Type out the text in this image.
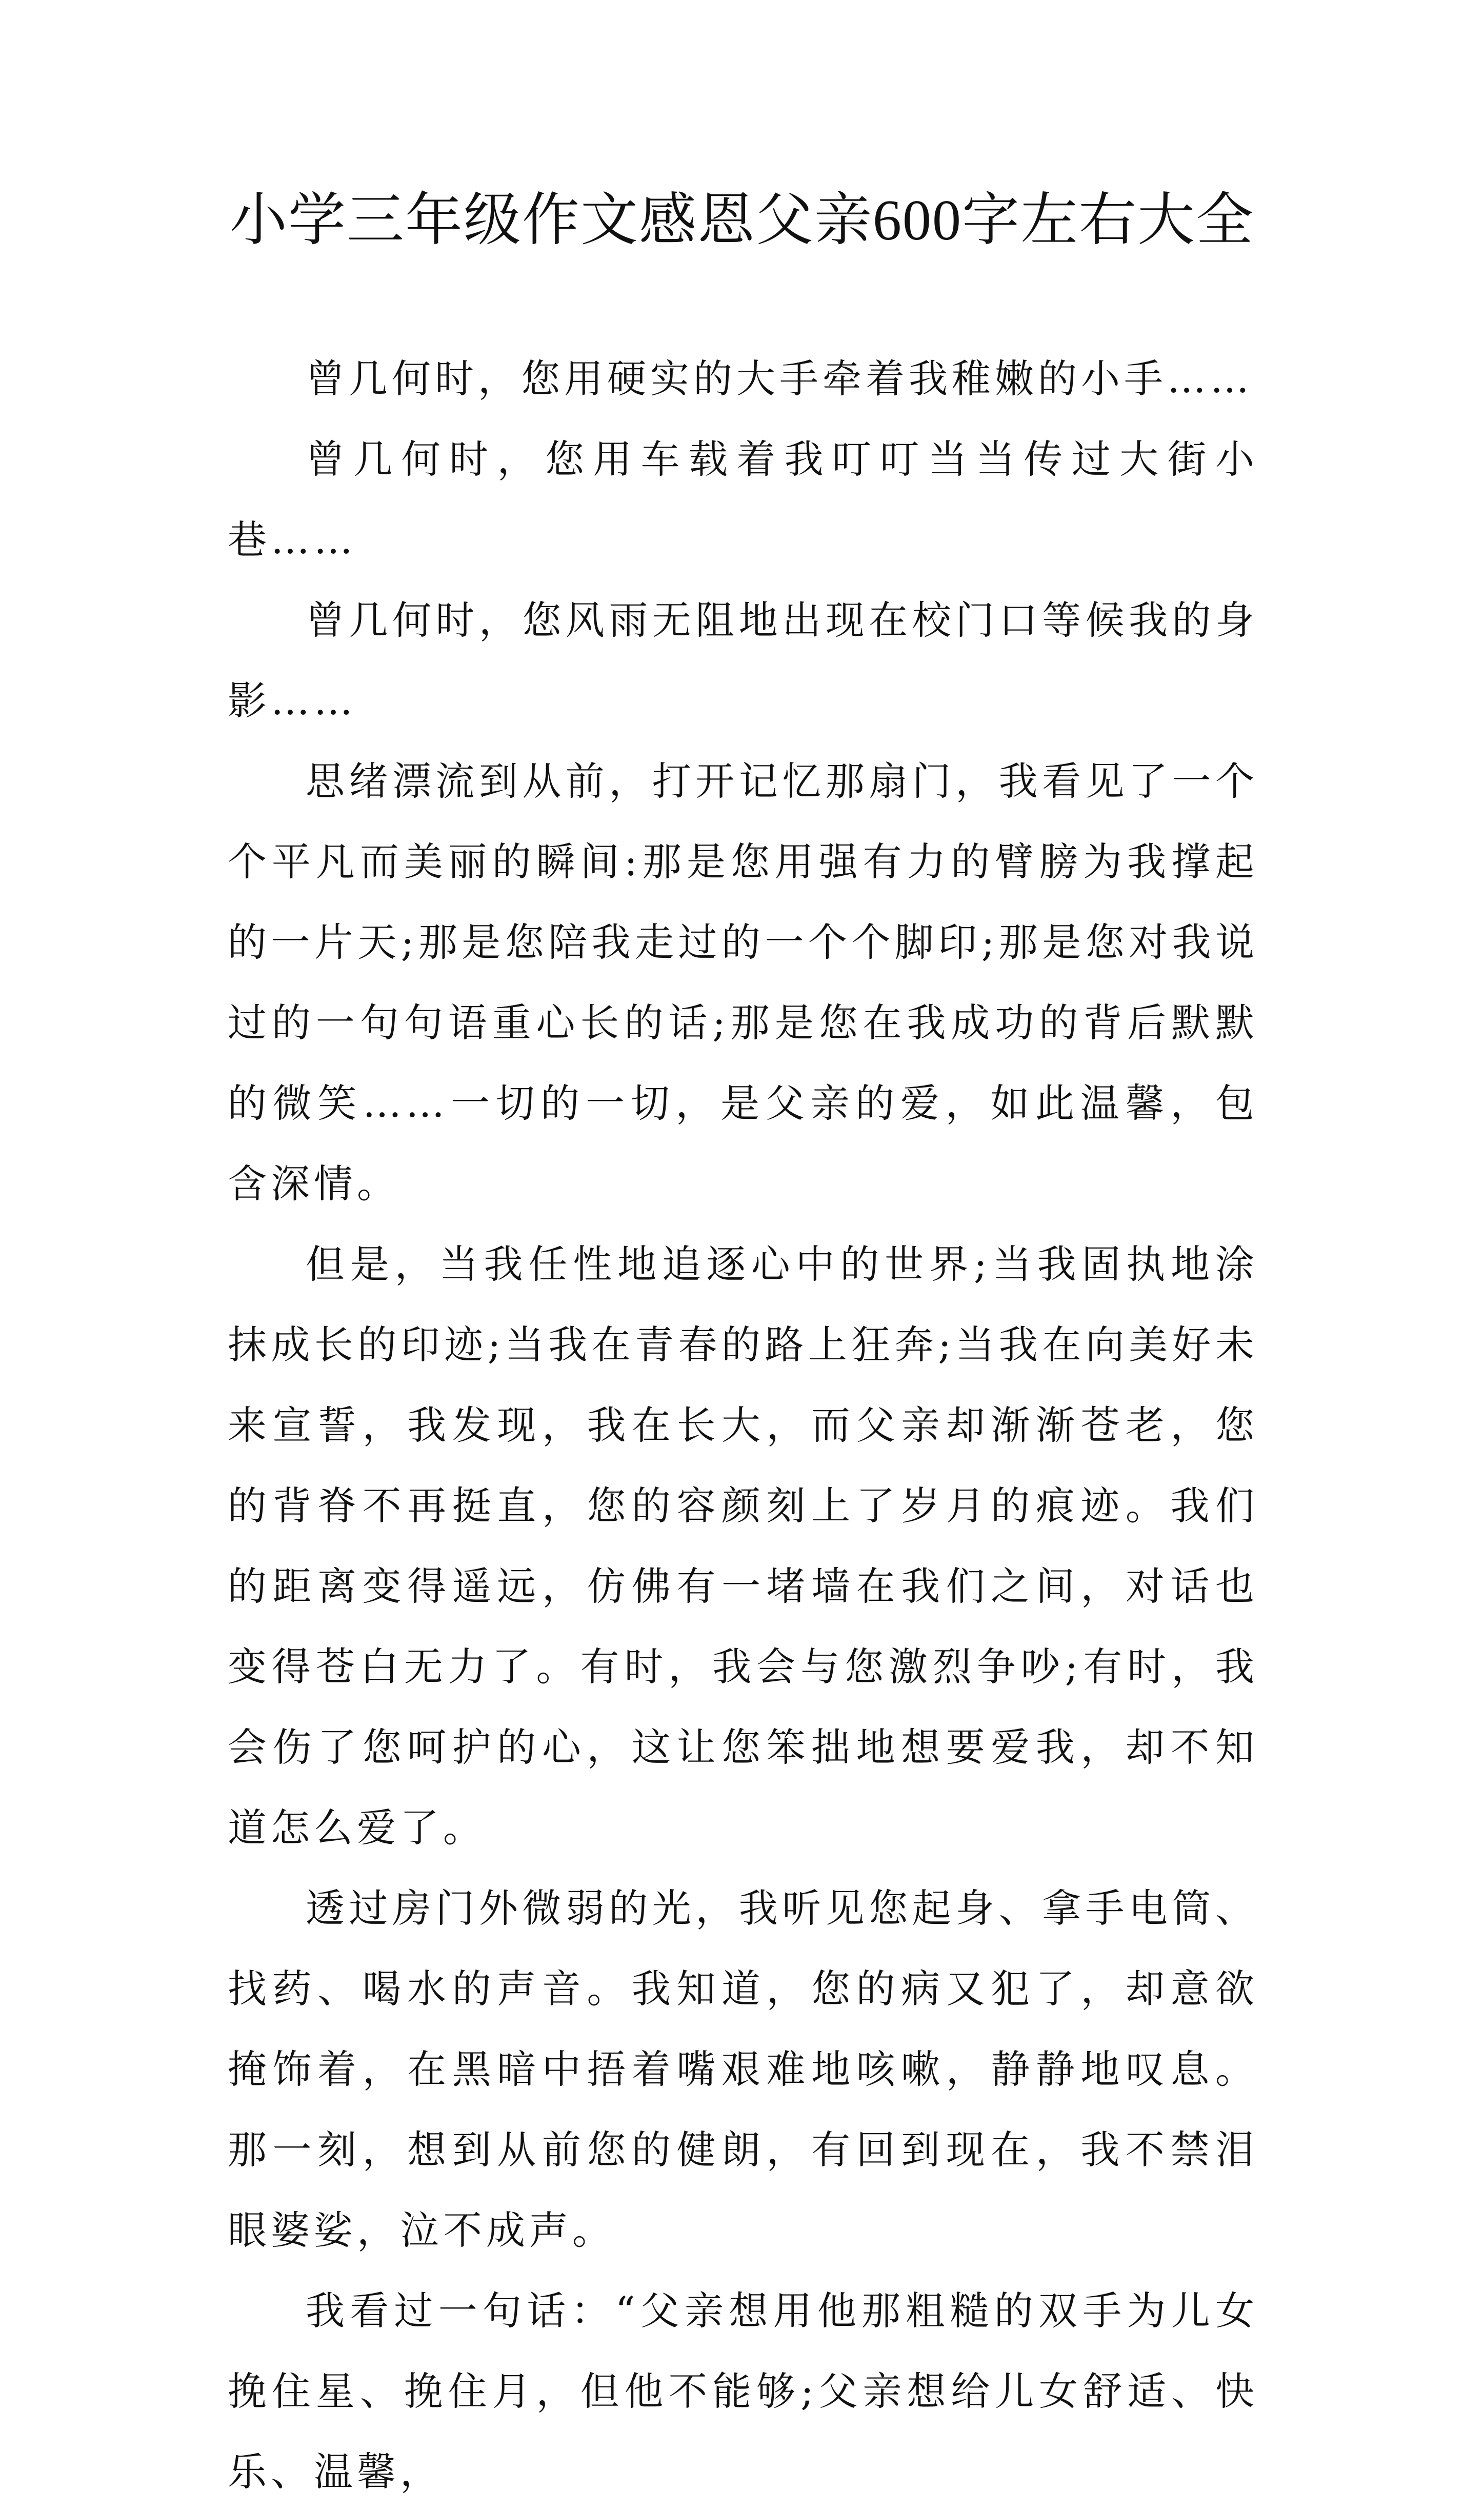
小学三年级作文感恩父亲600字左右大全

曾几何时，您用硬实的大手牵着我稚嫩的小手……

曾几何时，您用车载着我叮叮当当传过大街小巷……

曾几何时，您风雨无阻地出现在校门口等候我的身影……

思绪漂流到从前，打开记忆那扇门，我看见了一个个平凡而美丽的瞬间:那是您用强有力的臂膀为我撑起的一片天;那是您陪我走过的一个个脚印;那是您对我说过的一句句语重心长的话;那是您在我成功的背后默默的微笑……一切的一切，是父亲的爱，如此温馨，包含深情。

但是，当我任性地追逐心中的世界;当我固执地涂抹成长的印迹;当我在青春的路上狂奔;当我在向美好未来宣誓，我发现，我在长大，而父亲却渐渐苍老，您的背脊不再挺直，您的容颜刻上了岁月的痕迹。我们的距离变得遥远，仿佛有一堵墙在我们之间，对话也变得苍白无力了。有时，我会与您激烈争吵;有时，我会伤了您呵护的心，这让您笨拙地想要爱我，却不知道怎么爱了。

透过房门外微弱的光，我听见您起身、拿手电筒、找药、喝水的声音。我知道，您的病又犯了，却意欲掩饰着，在黑暗中捂着嘴艰难地咳嗽，静静地叹息。那一刻，想到从前您的健朗，有回到现在，我不禁泪眼婆娑，泣不成声。

我看过一句话：“父亲想用他那粗糙的双手为儿女挽住星、挽住月，但他不能够;父亲想给儿女舒适、快乐、温馨，
